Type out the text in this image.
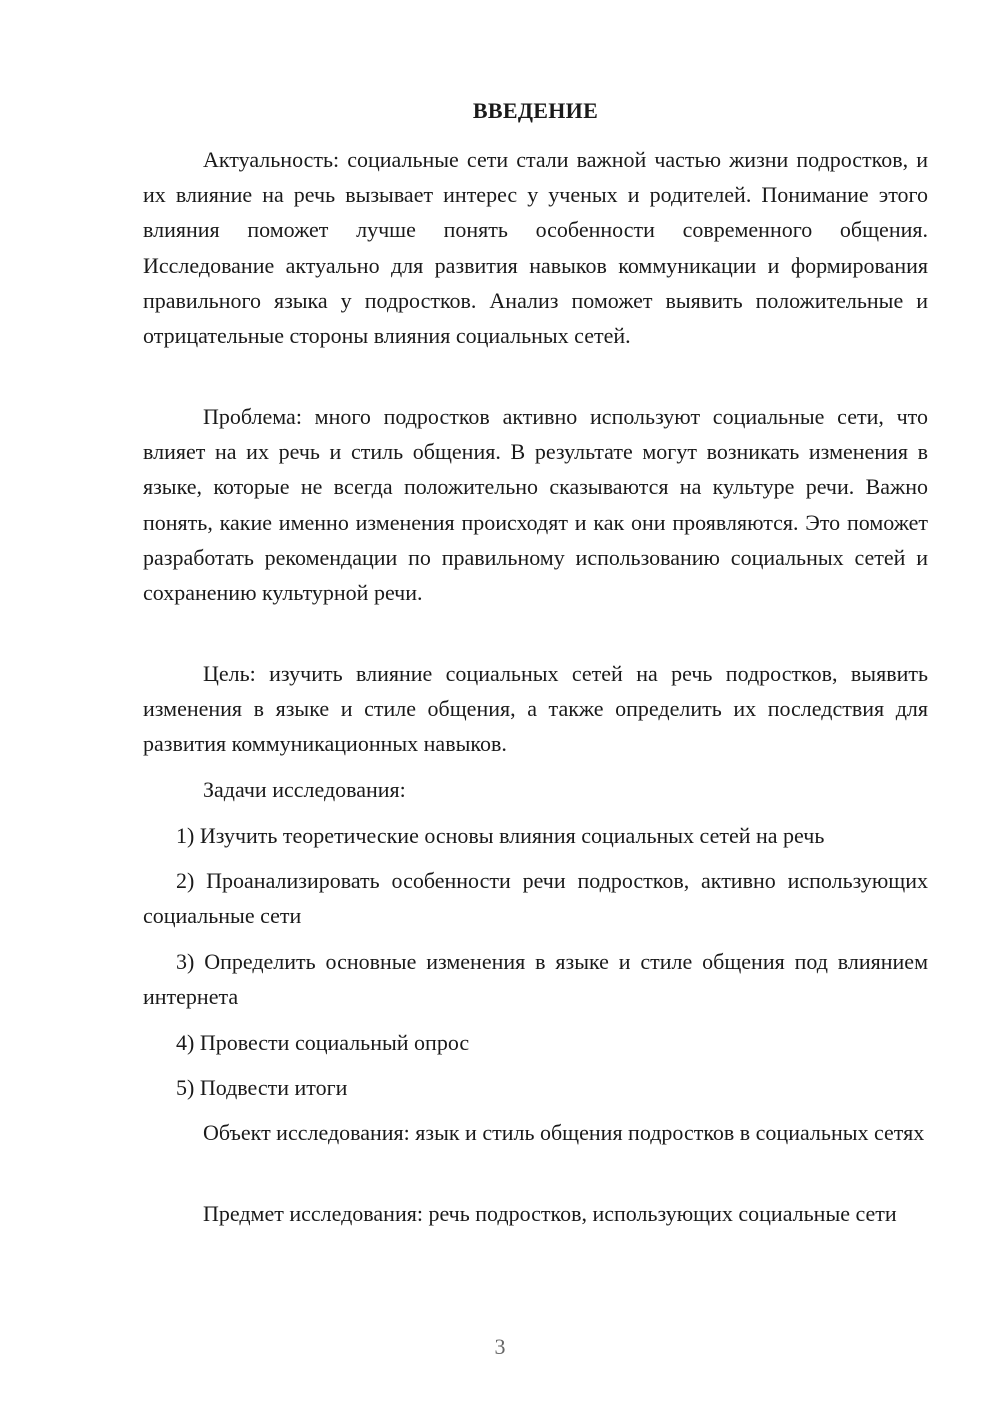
ВВЕДЕНИЕ

Актуальность: социальные сети стали важной частью жизни подростков, и их влияние на речь вызывает интерес у ученых и родителей. Понимание этого влияния поможет лучше понять особенности современного общения. Исследование актуально для развития навыков коммуникации и формирования правильного языка у подростков. Анализ поможет выявить положительные и отрицательные стороны влияния социальных сетей.

Проблема: много подростков активно используют социальные сети, что влияет на их речь и стиль общения. В результате могут возникать изменения в языке, которые не всегда положительно сказываются на культуре речи. Важно понять, какие именно изменения происходят и как они проявляются. Это поможет разработать рекомендации по правильному использованию социальных сетей и сохранению культурной речи.

Цель: изучить влияние социальных сетей на речь подростков, выявить изменения в языке и стиле общения, а также определить их последствия для развития коммуникационных навыков.

Задачи исследования:

1) Изучить теоретические основы влияния социальных сетей на речь

2) Проанализировать особенности речи подростков, активно использующих социальные сети

3) Определить основные изменения в языке и стиле общения под влиянием интернета

4) Провести социальный опрос

5) Подвести итоги

Объект исследования: язык и стиль общения подростков в социальных сетях

Предмет исследования: речь подростков, использующих социальные сети

3
